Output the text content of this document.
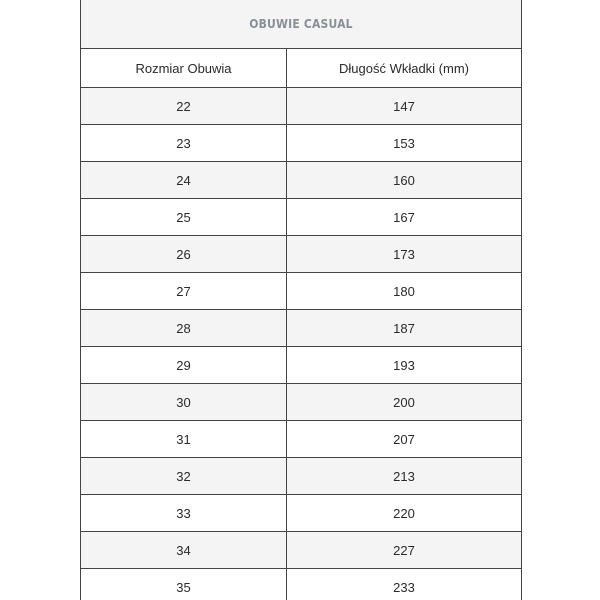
OBUWIE CASUAL
Rozmiar Obuwia	Długość Wkładki (mm)
22	147
23	153
24	160
25	167
26	173
27	180
28	187
29	193
30	200
31	207
32	213
33	220
34	227
35	233
